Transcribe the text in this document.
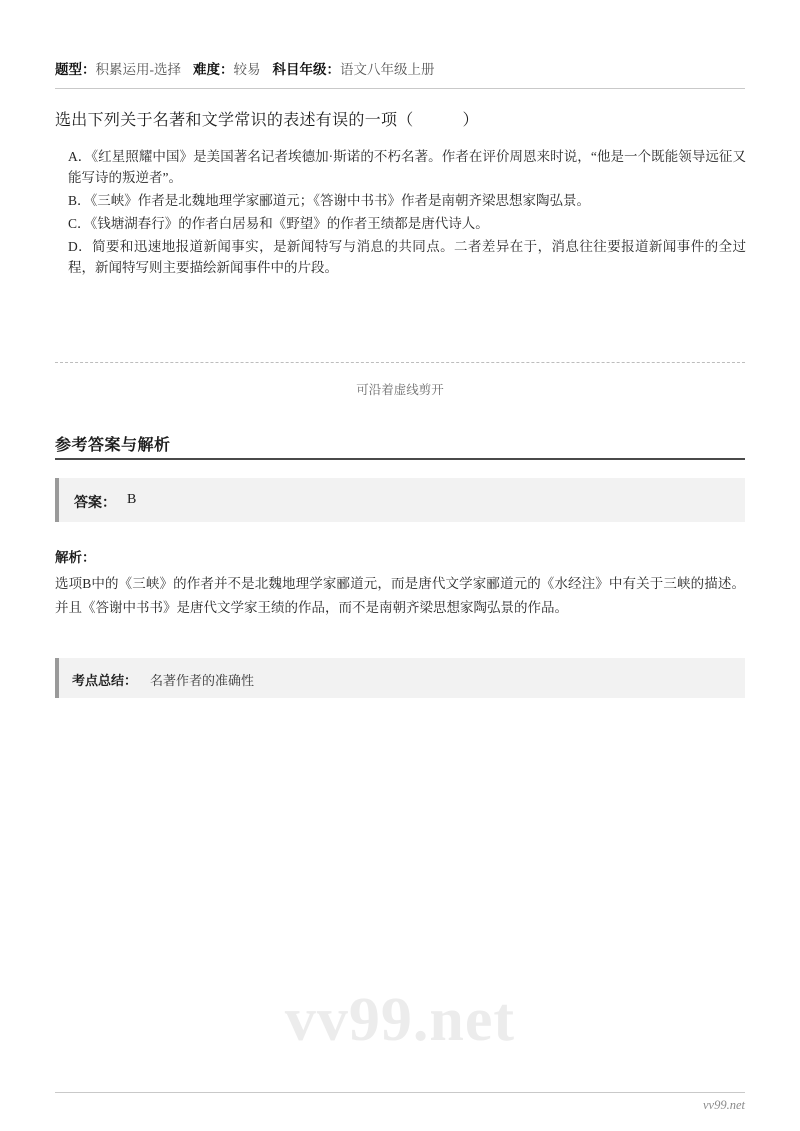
题型：积累运用-选择 难度：较易 科目年级：语文八年级上册
选出下列关于名著和文学常识的表述有误的一项（　　　）
A．《红星照耀中国》是美国著名记者埃德加·斯诺的不朽名著。作者在评价周恩来时说，“他是一个既能领导远征又能写诗的叛逆者”。
B．《三峡》作者是北魏地理学家郦道元；《答谢中书书》作者是南朝齐梁思想家陶弘景。
C．《钱塘湖春行》的作者白居易和《野望》的作者王绩都是唐代诗人。
D．简要和迅速地报道新闻事实，是新闻特写与消息的共同点。二者差异在于，消息往往要报道新闻事件的全过程，新闻特写则主要描绘新闻事件中的片段。
可沿着虚线剪开
参考答案与解析
答案： B
解析：
选项B中的《三峡》的作者并不是北魏地理学家郦道元，而是唐代文学家郦道元的《水经注》中有关于三峡的描述。并且《答谢中书书》是唐代文学家王绩的作品，而不是南朝齐梁思想家陶弘景的作品。
考点总结： 名著作者的准确性
vv99.net
vv99.net
